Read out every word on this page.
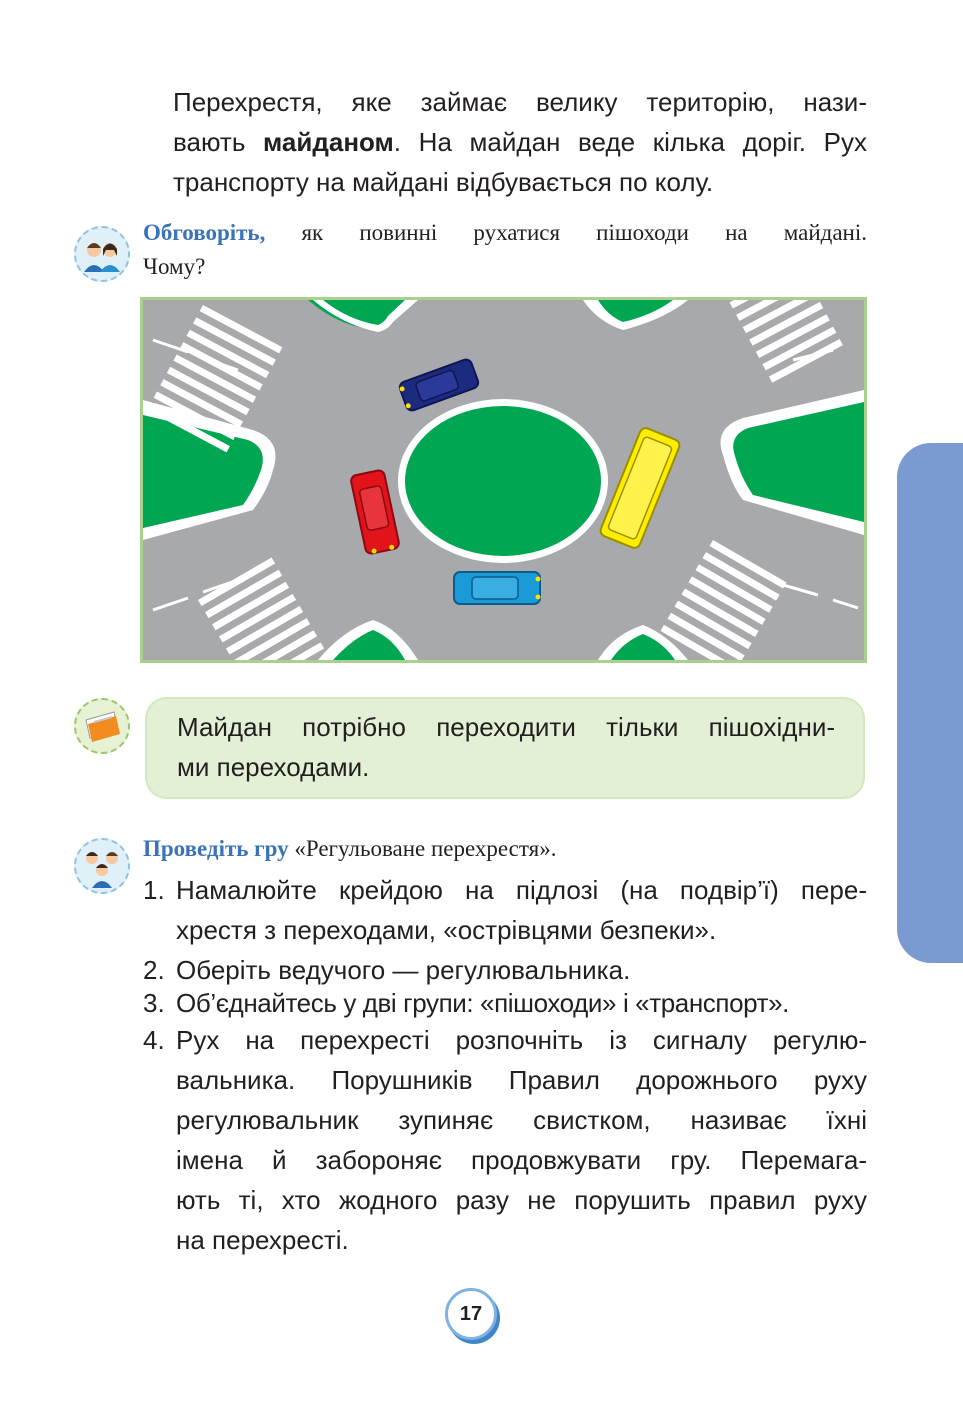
Перехрестя, яке займає велику територію, нази-
вають майданом. На майдан веде кілька доріг. Рух
транспорту на майдані відбувається по колу.
Обговоріть, як повинні рухатися пішоходи на майдані.
Чому?
Майдан потрібно переходити тільки пішохідни-
ми переходами.
Проведіть гру «Регульоване перехрестя».
1. Намалюйте крейдою на підлозі (на подвір’ї) пере-
хрестя з переходами, «острівцями безпеки».
2. Оберіть ведучого — регулювальника.
3. Об’єднайтесь у дві групи: «пішоходи» і «транспорт».
4. Рух на перехресті розпочніть із сигналу регулю-
вальника. Порушників Правил дорожнього руху
регулювальник зупиняє свистком, називає їхні
імена й забороняє продовжувати гру. Перемага-
ють ті, хто жодного разу не порушить правил руху
на перехресті.
17
